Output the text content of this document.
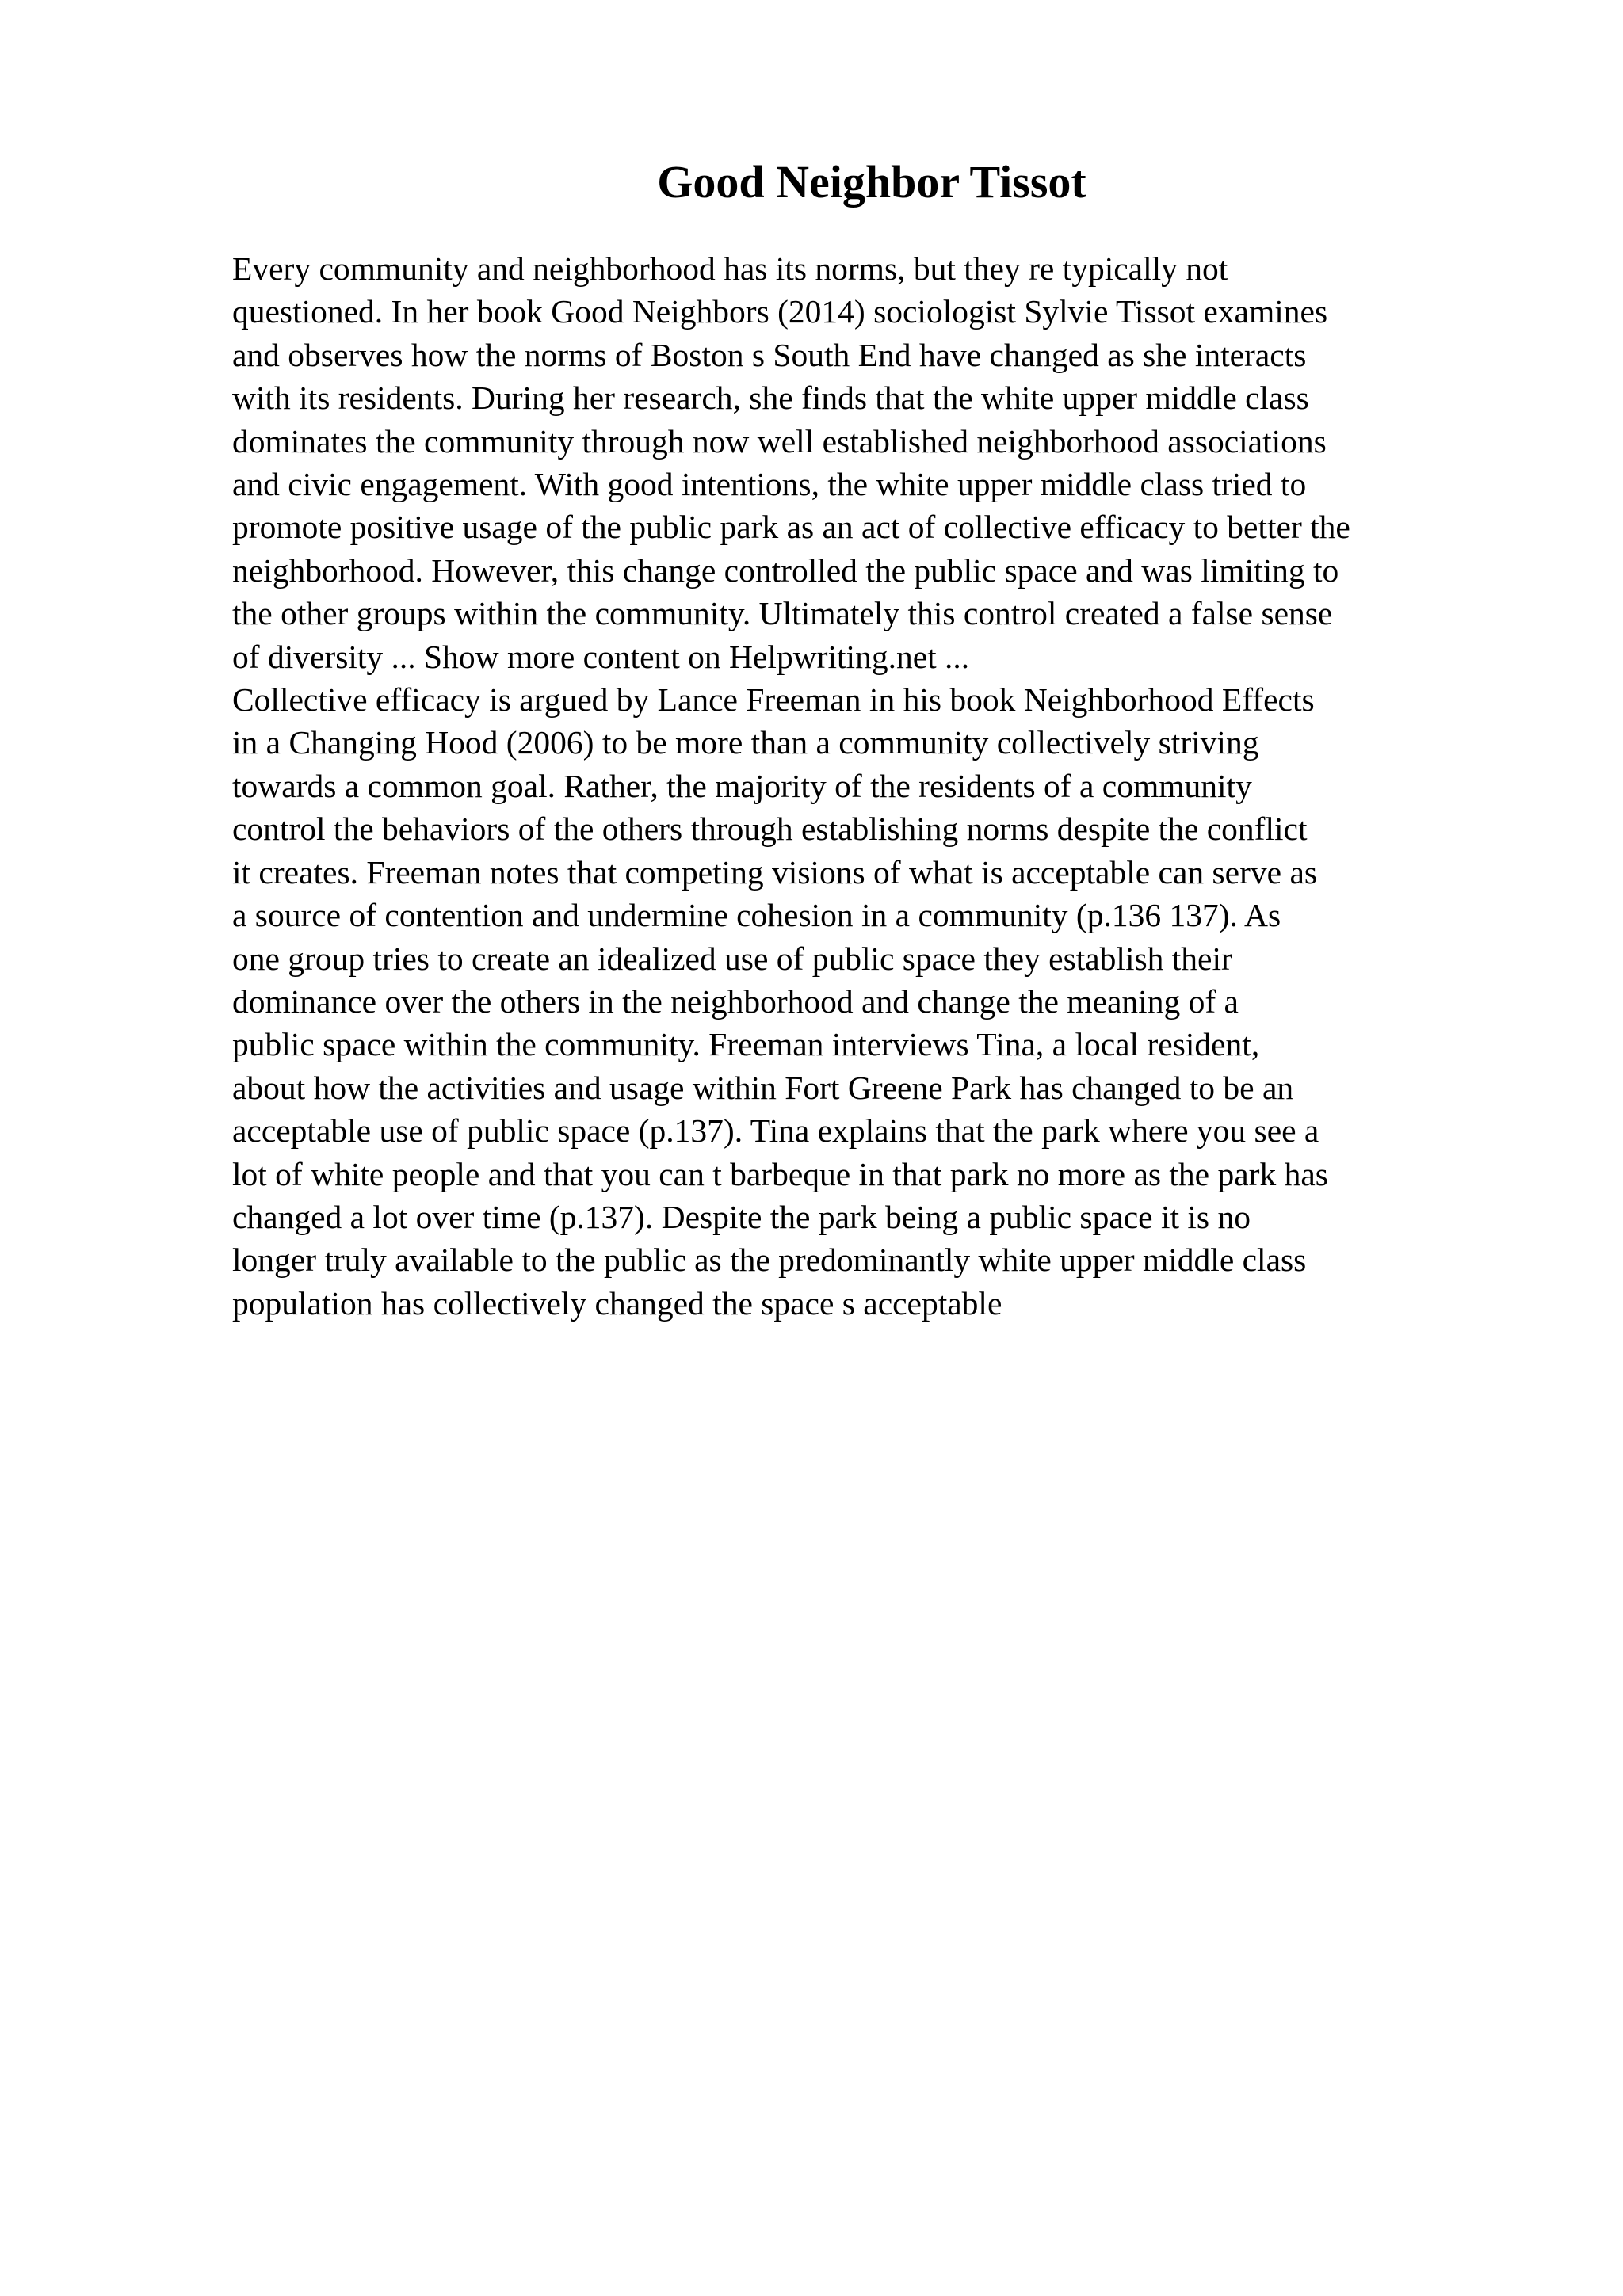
Good Neighbor Tissot
Every community and neighborhood has its norms, but they re typically not
questioned. In her book Good Neighbors (2014) sociologist Sylvie Tissot examines
and observes how the norms of Boston s South End have changed as she interacts
with its residents. During her research, she finds that the white upper middle class
dominates the community through now well established neighborhood associations
and civic engagement. With good intentions, the white upper middle class tried to
promote positive usage of the public park as an act of collective efficacy to better the
neighborhood. However, this change controlled the public space and was limiting to
the other groups within the community. Ultimately this control created a false sense
of diversity ... Show more content on Helpwriting.net ...
Collective efficacy is argued by Lance Freeman in his book Neighborhood Effects
in a Changing Hood (2006) to be more than a community collectively striving
towards a common goal. Rather, the majority of the residents of a community
control the behaviors of the others through establishing norms despite the conflict
it creates. Freeman notes that competing visions of what is acceptable can serve as
a source of contention and undermine cohesion in a community (p.136 137). As
one group tries to create an idealized use of public space they establish their
dominance over the others in the neighborhood and change the meaning of a
public space within the community. Freeman interviews Tina, a local resident,
about how the activities and usage within Fort Greene Park has changed to be an
acceptable use of public space (p.137). Tina explains that the park where you see a
lot of white people and that you can t barbeque in that park no more as the park has
changed a lot over time (p.137). Despite the park being a public space it is no
longer truly available to the public as the predominantly white upper middle class
population has collectively changed the space s acceptable
